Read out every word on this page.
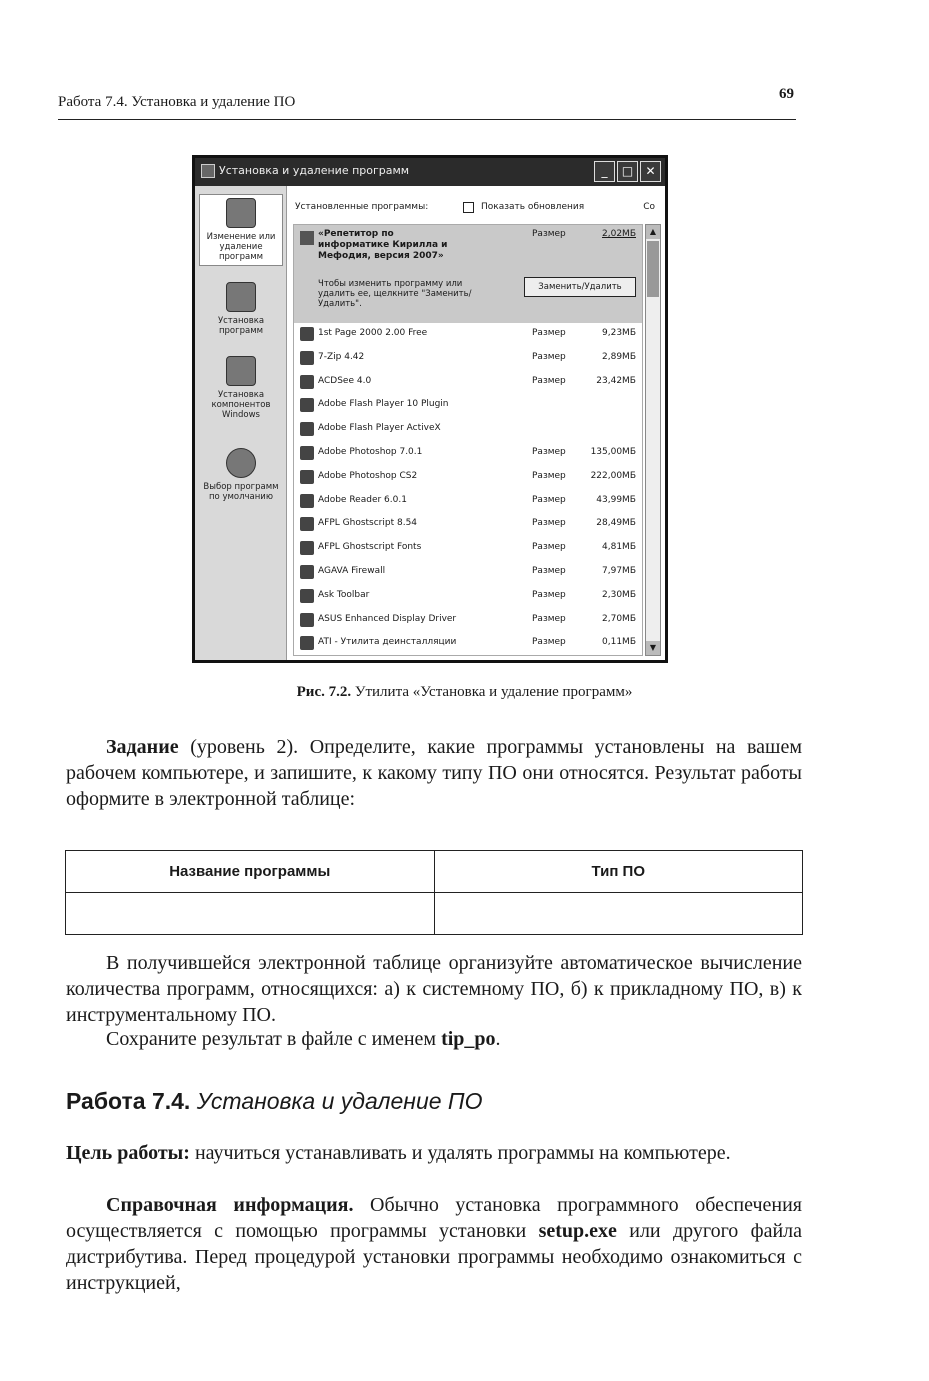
Работа 7.4. Установка и удаление ПО	69
Установка и удаление программ	_	□	✕
Изменение или удаление программ
Установка программ
Установка компонентов Windows
Выбор программ по умолчанию
Установленные программы:	Показать обновления	Со
«Репетитор по информатике Кирилла и Мефодия, версия 2007»
Размер	2,02МБ
Чтобы изменить программу или удалить ее, щелкните "Заменить/Удалить".
Заменить/Удалить
1st Page 2000 2.00 Free	Размер	9,23МБ
7-Zip 4.42	Размер	2,89МБ
ACDSee 4.0	Размер	23,42МБ
Adobe Flash Player 10 Plugin
Adobe Flash Player ActiveX
Adobe Photoshop 7.0.1	Размер	135,00МБ
Adobe Photoshop CS2	Размер	222,00МБ
Adobe Reader 6.0.1	Размер	43,99МБ
AFPL Ghostscript 8.54	Размер	28,49МБ
AFPL Ghostscript Fonts	Размер	4,81МБ
AGAVA Firewall	Размер	7,97МБ
Ask Toolbar	Размер	2,30МБ
ASUS Enhanced Display Driver	Размер	2,70МБ
ATI - Утилита деинсталляции	Размер	0,11МБ
▲
▼
Рис. 7.2. Утилита «Установка и удаление программ»
Задание (уровень 2). Определите, какие программы установлены на вашем рабочем компьютере, и запишите, к какому типу ПО они относятся. Результат работы оформите в электронной таблице:
Название программы	Тип ПО

В получившейся электронной таблице организуйте автоматическое вычисление количества программ, относящихся: а) к системному ПО, б) к прикладному ПО, в) к инструментальному ПО.
Сохраните результат в файле с именем tip_po.
Работа 7.4. Установка и удаление ПО
Цель работы: научиться устанавливать и удалять программы на компьютере.
Справочная информация. Обычно установка программного обеспечения осуществляется с помощью программы установки setup.exe или другого файла дистрибутива. Перед процедурой установки программы необходимо ознакомиться с инструкцией,
